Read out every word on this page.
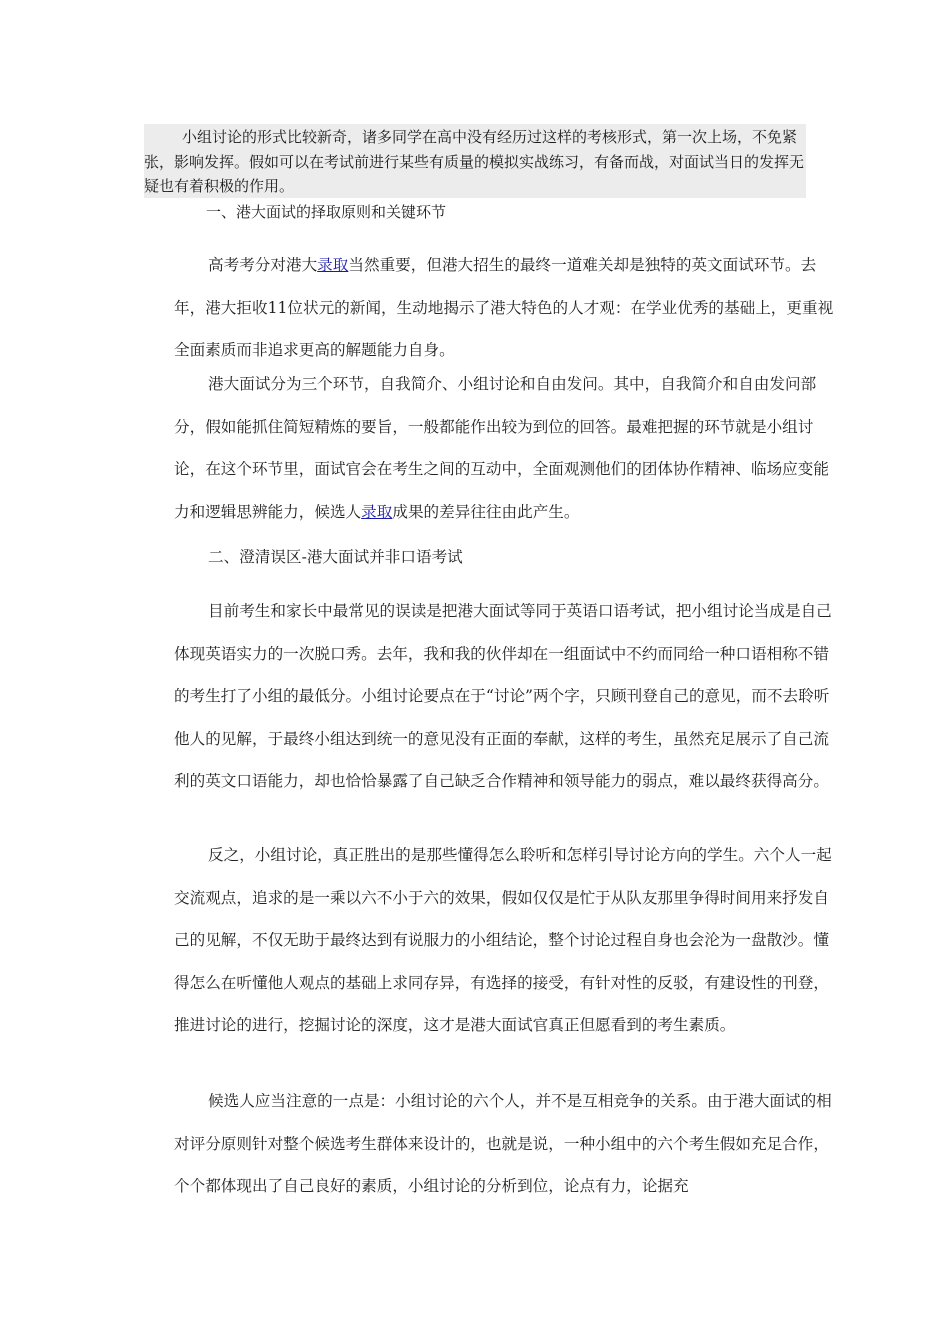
小组讨论的形式比较新奇，诸多同学在高中没有经历过这样的考核形式，第一次上场，不免紧张，影响发挥。假如可以在考试前进行某些有质量的模拟实战练习，有备而战，对面试当日的发挥无疑也有着积极的作用。

一、港大面试的择取原则和关键环节

高考考分对港大录取当然重要，但港大招生的最终一道难关却是独特的英文面试环节。去年，港大拒收11位状元的新闻，生动地揭示了港大特色的人才观：在学业优秀的基础上，更重视全面素质而非追求更高的解题能力自身。

港大面试分为三个环节，自我简介、小组讨论和自由发问。其中，自我简介和自由发问部分，假如能抓住简短精炼的要旨，一般都能作出较为到位的回答。最难把握的环节就是小组讨论，在这个环节里，面试官会在考生之间的互动中，全面观测他们的团体协作精神、临场应变能力和逻辑思辨能力，候选人录取成果的差异往往由此产生。

二、澄清误区-港大面试并非口语考试

目前考生和家长中最常见的误读是把港大面试等同于英语口语考试，把小组讨论当成是自己体现英语实力的一次脱口秀。去年，我和我的伙伴却在一组面试中不约而同给一种口语相称不错的考生打了小组的最低分。小组讨论要点在于“讨论”两个字，只顾刊登自己的意见，而不去聆听他人的见解，于最终小组达到统一的意见没有正面的奉献，这样的考生，虽然充足展示了自己流利的英文口语能力，却也恰恰暴露了自己缺乏合作精神和领导能力的弱点，难以最终获得高分。

反之，小组讨论，真正胜出的是那些懂得怎么聆听和怎样引导讨论方向的学生。六个人一起交流观点，追求的是一乘以六不小于六的效果，假如仅仅是忙于从队友那里争得时间用来抒发自己的见解，不仅无助于最终达到有说服力的小组结论，整个讨论过程自身也会沦为一盘散沙。懂得怎么在听懂他人观点的基础上求同存异，有选择的接受，有针对性的反驳，有建设性的刊登，推进讨论的进行，挖掘讨论的深度，这才是港大面试官真正但愿看到的考生素质。

候选人应当注意的一点是：小组讨论的六个人，并不是互相竞争的关系。由于港大面试的相对评分原则针对整个候选考生群体来设计的，也就是说，一种小组中的六个考生假如充足合作，个个都体现出了自己良好的素质，小组讨论的分析到位，论点有力，论据充
